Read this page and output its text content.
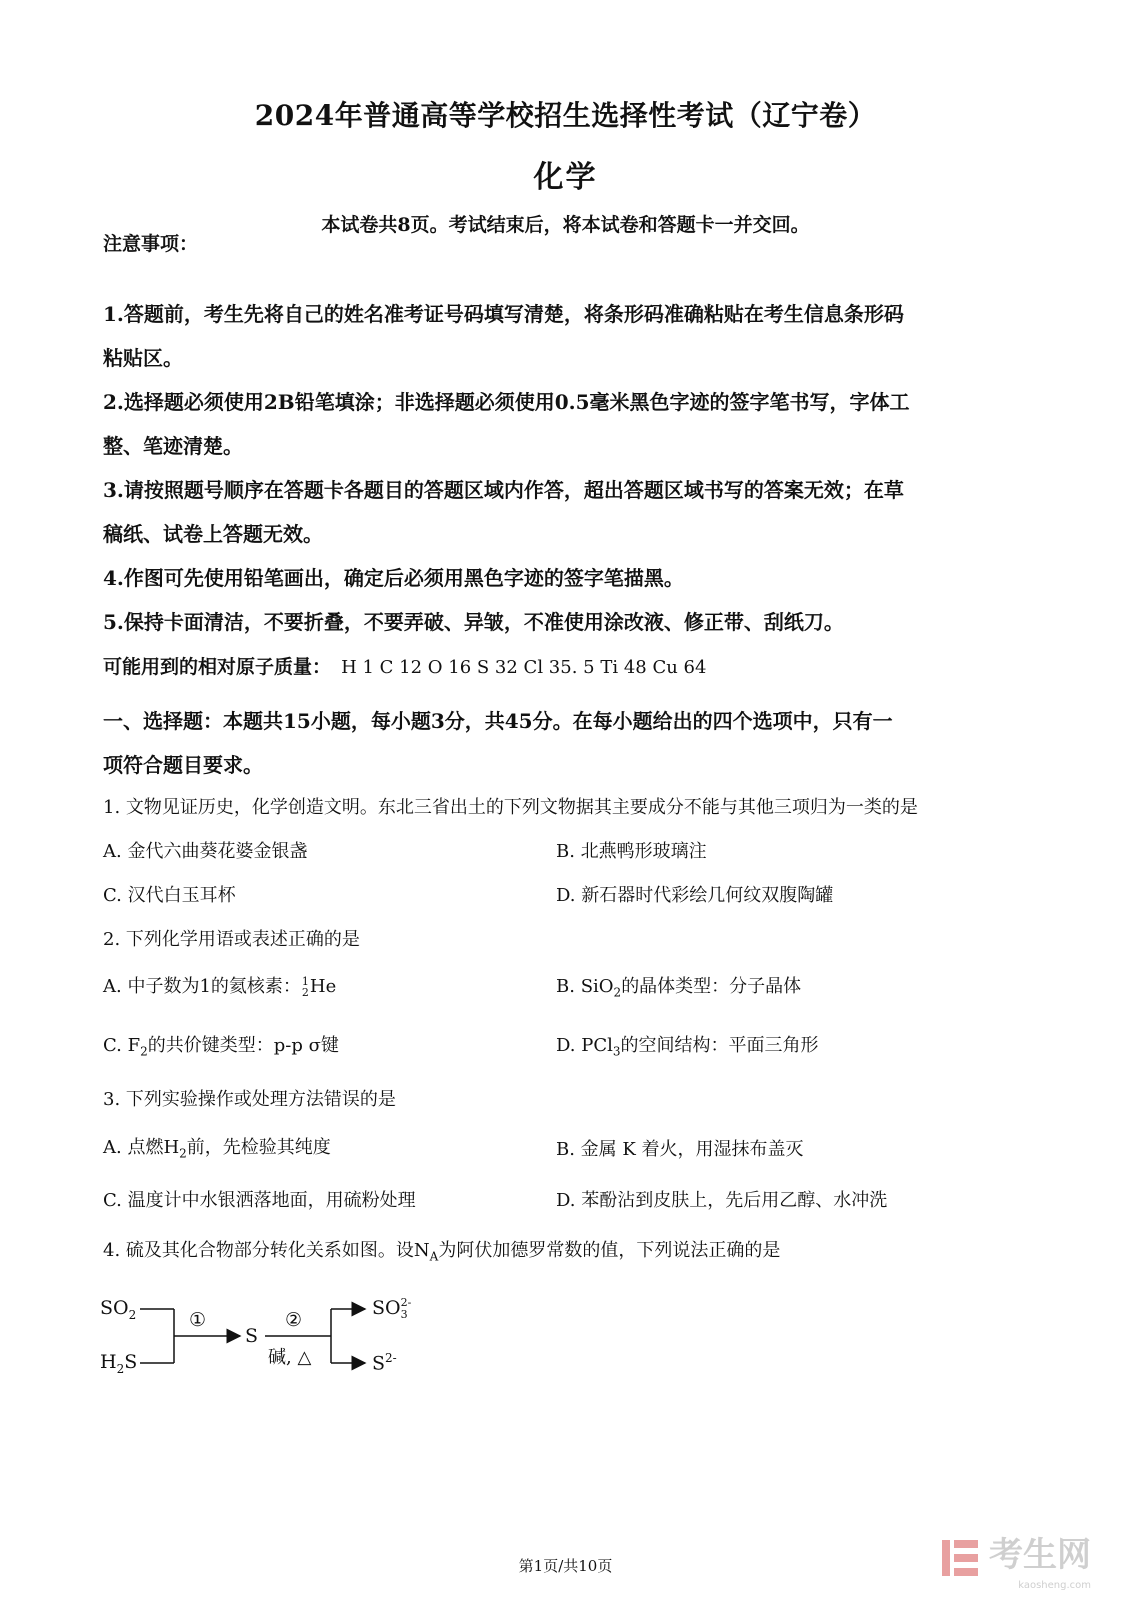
2024年普通高等学校招生选择性考试（辽宁卷）
化学
本试卷共8页。考试结束后，将本试卷和答题卡一并交回。
注意事项：
1.答题前，考生先将自己的姓名准考证号码填写清楚，将条形码准确粘贴在考生信息条形码
粘贴区。
2.选择题必须使用2B铅笔填涂；非选择题必须使用0.5毫米黑色字迹的签字笔书写，字体工
整、笔迹清楚。
3.请按照题号顺序在答题卡各题目的答题区域内作答，超出答题区域书写的答案无效；在草
稿纸、试卷上答题无效。
4.作图可先使用铅笔画出，确定后必须用黑色字迹的签字笔描黑。
5.保持卡面清洁，不要折叠，不要弄破、异皱，不准使用涂改液、修正带、刮纸刀。
可能用到的相对原子质量： H 1 C 12 O 16 S 32 Cl 35. 5 Ti 48 Cu 64
一、选择题：本题共15小题，每小题3分，共45分。在每小题给出的四个选项中，只有一
项符合题目要求。
1. 文物见证历史，化学创造文明。东北三省出土的下列文物据其主要成分不能与其他三项归为一类的是
A. 金代六曲葵花婆金银盏	B. 北燕鸭形玻璃注
C. 汉代白玉耳杯	D. 新石器时代彩绘几何纹双腹陶罐
2. 下列化学用语或表述正确的是
A. 中子数为1的氦核素：1
2He	B. SiO$_2$的晶体类型：分子晶体
C. $F_2$的共价键类型：p-p σ键	D. PCl$_3$的空间结构：平面三角形
3. 下列实验操作或处理方法错误的是
A. 点燃$H_2$前，先检验其纯度	B. 金属 K 着火，用湿抹布盖灭
C. 温度计中水银洒落地面，用硫粉处理	D. 苯酚沾到皮肤上，先后用乙醇、水冲洗
4. 硫及其化合物部分转化关系如图。设$N_A$为阿伏加德罗常数的值，下列说法正确的是
$SO_2$
$H_2S$
①
S
②
碱, △
SO2-
3
$S^{2-}$
第1页/共10页	考生网
kaosheng.com
